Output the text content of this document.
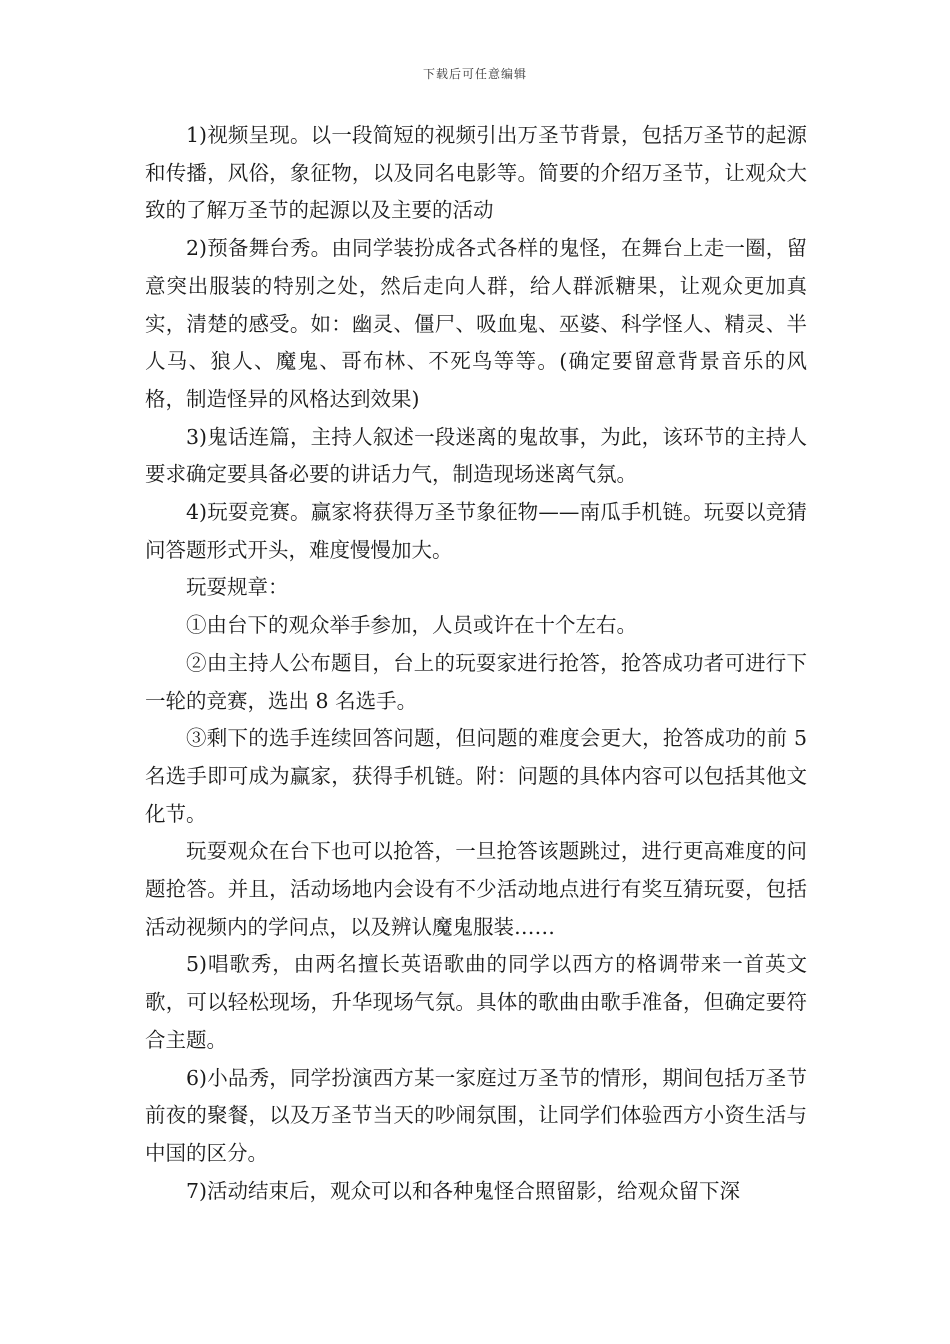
下载后可任意编辑

1)视频呈现。以一段简短的视频引出万圣节背景，包括万圣节的起源和传播，风俗，象征物，以及同名电影等。简要的介绍万圣节，让观众大致的了解万圣节的起源以及主要的活动

2)预备舞台秀。由同学装扮成各式各样的鬼怪，在舞台上走一圈，留意突出服装的特别之处，然后走向人群，给人群派糖果，让观众更加真实，清楚的感受。如：幽灵、僵尸、吸血鬼、巫婆、科学怪人、精灵、半人马、狼人、魔鬼、哥布林、不死鸟等等。(确定要留意背景音乐的风格，制造怪异的风格达到效果)

3)鬼话连篇，主持人叙述一段迷离的鬼故事，为此，该环节的主持人要求确定要具备必要的讲话力气，制造现场迷离气氛。

4)玩耍竞赛。赢家将获得万圣节象征物——南瓜手机链。玩耍以竞猜问答题形式开头，难度慢慢加大。

玩耍规章：

①由台下的观众举手参加，人员或许在十个左右。

②由主持人公布题目，台上的玩耍家进行抢答，抢答成功者可进行下一轮的竞赛，选出 8 名选手。

③剩下的选手连续回答问题，但问题的难度会更大，抢答成功的前 5 名选手即可成为赢家，获得手机链。附：问题的具体内容可以包括其他文化节。

玩耍观众在台下也可以抢答，一旦抢答该题跳过，进行更高难度的问题抢答。并且，活动场地内会设有不少活动地点进行有奖互猜玩耍，包括活动视频内的学问点，以及辨认魔鬼服装……

5)唱歌秀，由两名擅长英语歌曲的同学以西方的格调带来一首英文歌，可以轻松现场，升华现场气氛。具体的歌曲由歌手准备，但确定要符合主题。

6)小品秀，同学扮演西方某一家庭过万圣节的情形，期间包括万圣节前夜的聚餐，以及万圣节当天的吵闹氛围，让同学们体验西方小资生活与中国的区分。

7)活动结束后，观众可以和各种鬼怪合照留影，给观众留下深
